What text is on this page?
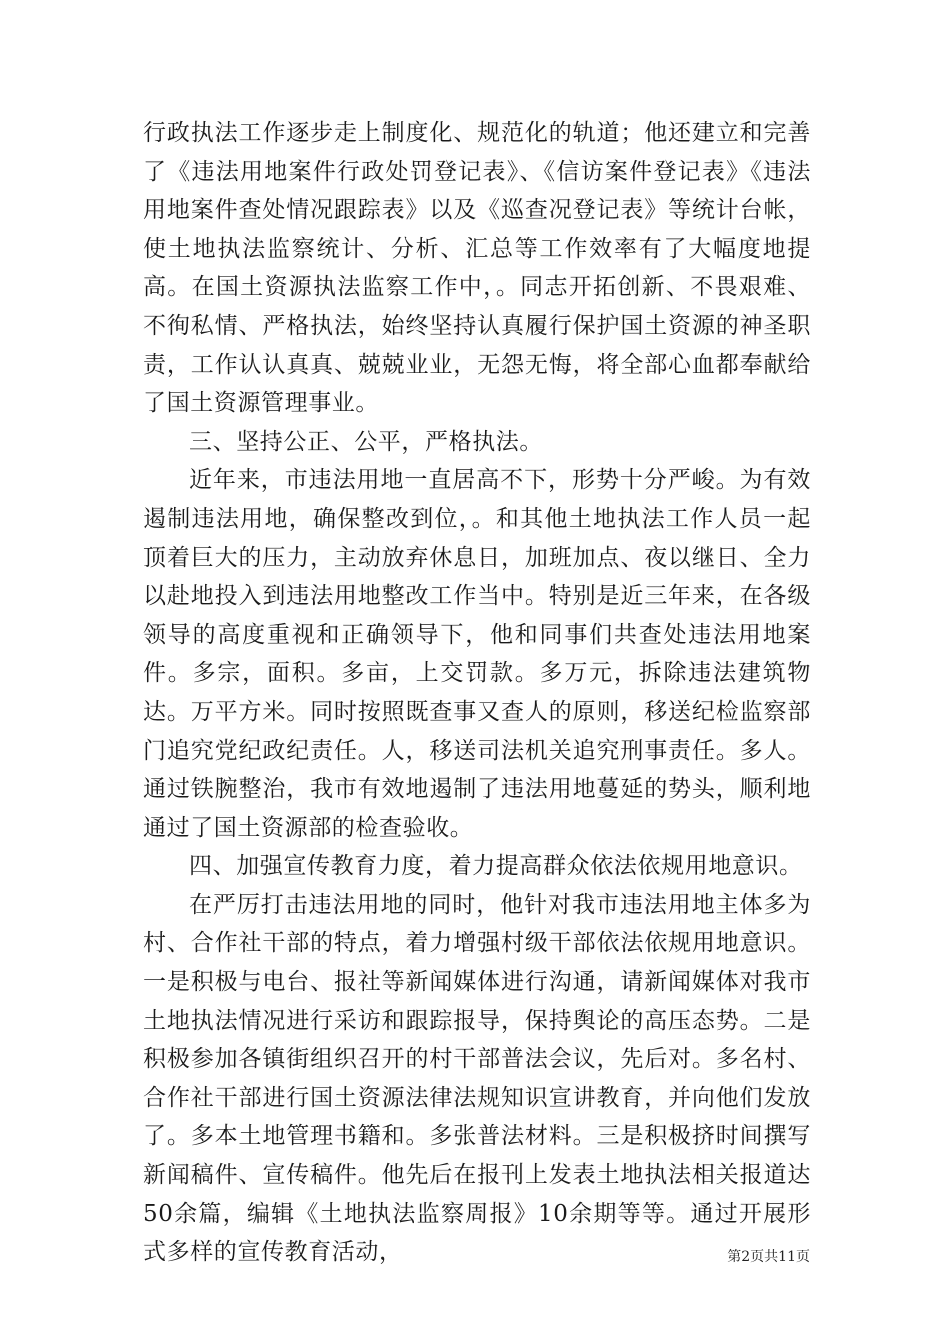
行政执法工作逐步走上制度化、规范化的轨道；他还建立和完善了《违法用地案件行政处罚登记表》、《信访案件登记表》《违法用地案件查处情况跟踪表》以及《巡查况登记表》等统计台帐，使土地执法监察统计、分析、汇总等工作效率有了大幅度地提高。在国土资源执法监察工作中，。同志开拓创新、不畏艰难、不徇私情、严格执法，始终坚持认真履行保护国土资源的神圣职责，工作认认真真、兢兢业业，无怨无悔，将全部心血都奉献给了国土资源管理事业。

三、坚持公正、公平，严格执法。

近年来，市违法用地一直居高不下，形势十分严峻。为有效遏制违法用地，确保整改到位，。和其他土地执法工作人员一起顶着巨大的压力，主动放弃休息日，加班加点、夜以继日、全力以赴地投入到违法用地整改工作当中。特别是近三年来，在各级领导的高度重视和正确领导下，他和同事们共查处违法用地案件。多宗，面积。多亩，上交罚款。多万元，拆除违法建筑物达。万平方米。同时按照既查事又查人的原则，移送纪检监察部门追究党纪政纪责任。人，移送司法机关追究刑事责任。多人。通过铁腕整治，我市有效地遏制了违法用地蔓延的势头，顺利地通过了国土资源部的检查验收。

四、加强宣传教育力度，着力提高群众依法依规用地意识。

在严厉打击违法用地的同时，他针对我市违法用地主体多为村、合作社干部的特点，着力增强村级干部依法依规用地意识。一是积极与电台、报社等新闻媒体进行沟通，请新闻媒体对我市土地执法情况进行采访和跟踪报导，保持舆论的高压态势。二是积极参加各镇街组织召开的村干部普法会议，先后对。多名村、合作社干部进行国土资源法律法规知识宣讲教育，并向他们发放了。多本土地管理书籍和。多张普法材料。三是积极挤时间撰写新闻稿件、宣传稿件。他先后在报刊上发表土地执法相关报道达50余篇，编辑《土地执法监察周报》10余期等等。通过开展形式多样的宣传教育活动，	第2页共11页
